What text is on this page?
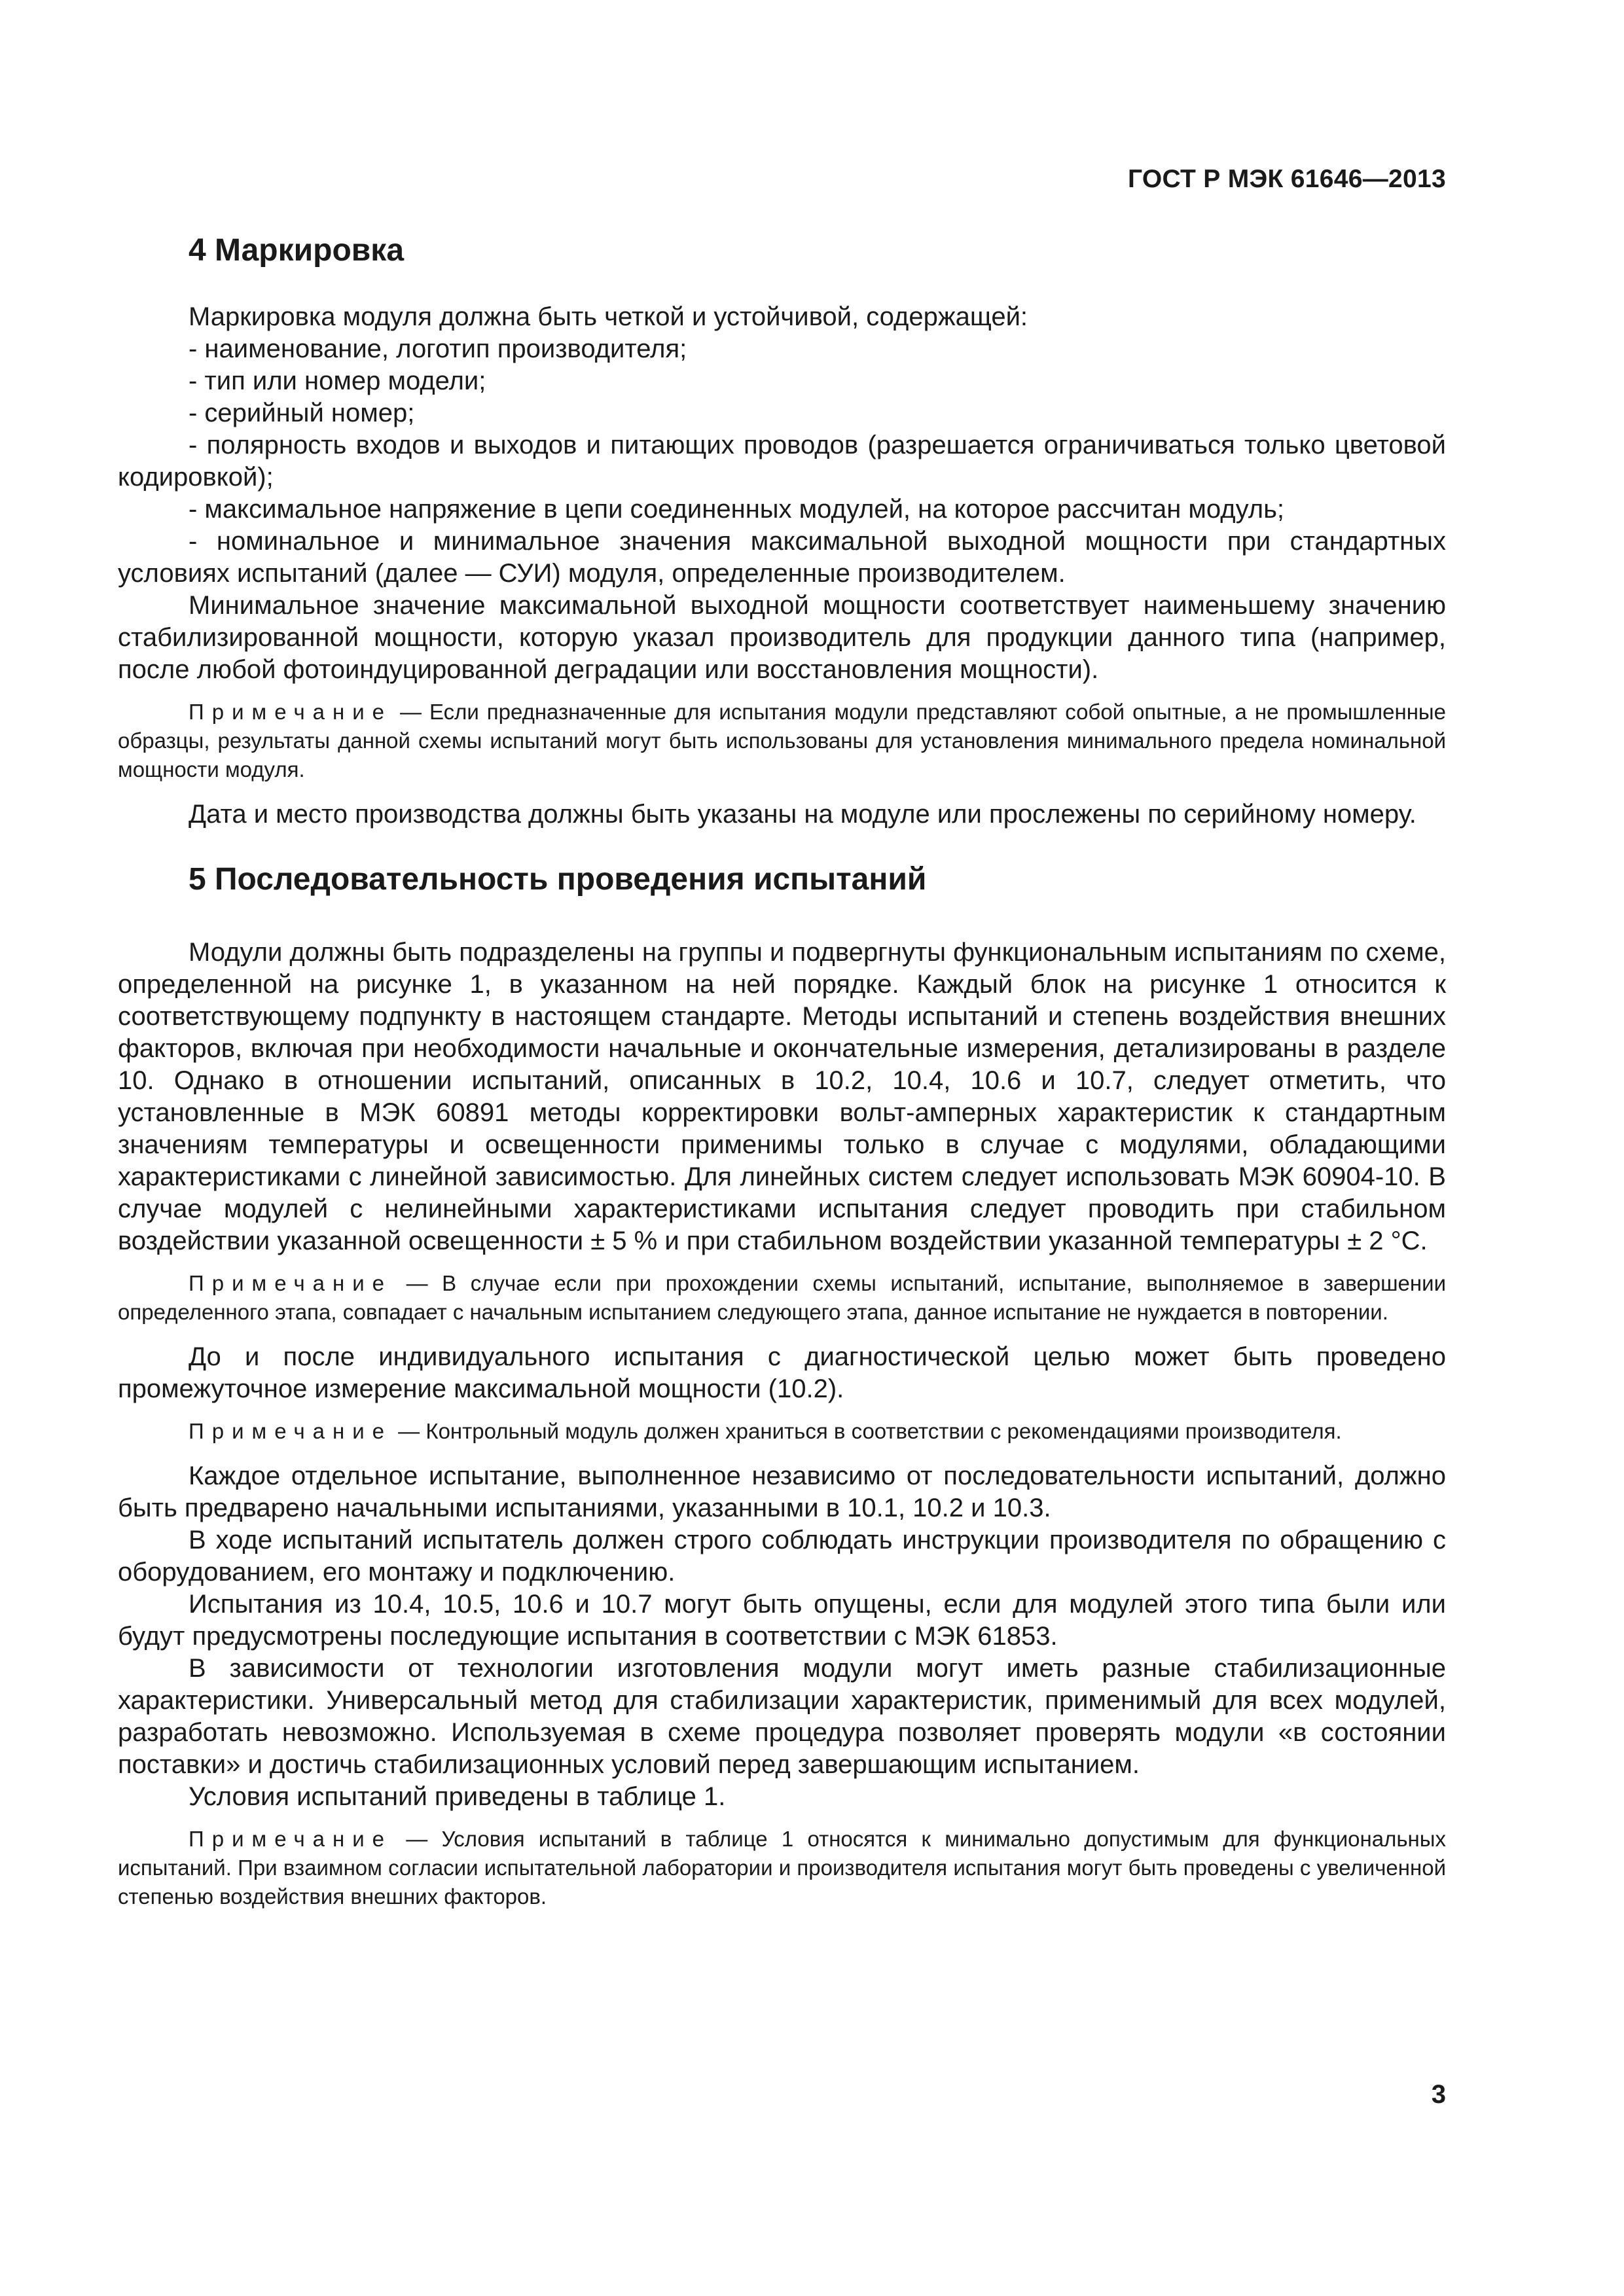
ГОСТ Р МЭК 61646—2013
4 Маркировка

Маркировка модуля должна быть четкой и устойчивой, содержащей:

- наименование, логотип производителя;

- тип или номер модели;

- серийный номер;

- полярность входов и выходов и питающих проводов (разрешается ограничиваться только цветовой кодировкой);

- максимальное напряжение в цепи соединенных модулей, на которое рассчитан модуль;

- номинальное и минимальное значения максимальной выходной мощности при стандартных условиях испытаний (далее — СУИ) модуля, определенные производителем.

Минимальное значение максимальной выходной мощности соответствует наименьшему значению стабилизированной мощности, которую указал производитель для продукции данного типа (например, после любой фотоиндуцированной деградации или восстановления мощности).

Примечание — Если предназначенные для испытания модули представляют собой опытные, а не промышленные образцы, результаты данной схемы испытаний могут быть использованы для установления минимального предела номинальной мощности модуля.

Дата и место производства должны быть указаны на модуле или прослежены по серийному номеру.

5 Последовательность проведения испытаний

Модули должны быть подразделены на группы и подвергнуты функциональным испытаниям по схеме, определенной на рисунке 1, в указанном на ней порядке. Каждый блок на рисунке 1 относится к соответствующему подпункту в настоящем стандарте. Методы испытаний и степень воздействия внешних факторов, включая при необходимости начальные и окончательные измерения, детализированы в разделе 10. Однако в отношении испытаний, описанных в 10.2, 10.4, 10.6 и 10.7, следует отметить, что установленные в МЭК 60891 методы корректировки вольт-амперных характеристик к стандартным значениям температуры и освещенности применимы только в случае с модулями, обладающими характеристиками с линейной зависимостью. Для линейных систем следует использовать МЭК 60904-10. В случае модулей с нелинейными характеристиками испытания следует проводить при стабильном воздействии указанной освещенности ± 5 % и при стабильном воздействии указанной температуры ± 2 °С.

Примечание — В случае если при прохождении схемы испытаний, испытание, выполняемое в завершении определенного этапа, совпадает с начальным испытанием следующего этапа, данное испытание не нуждается в повторении.

До и после индивидуального испытания с диагностической целью может быть проведено промежуточное измерение максимальной мощности (10.2).

Примечание — Контрольный модуль должен храниться в соответствии с рекомендациями производителя.

Каждое отдельное испытание, выполненное независимо от последовательности испытаний, должно быть предварено начальными испытаниями, указанными в 10.1, 10.2 и 10.3.

В ходе испытаний испытатель должен строго соблюдать инструкции производителя по обращению с оборудованием, его монтажу и подключению.

Испытания из 10.4, 10.5, 10.6 и 10.7 могут быть опущены, если для модулей этого типа были или будут предусмотрены последующие испытания в соответствии с МЭК 61853.

В зависимости от технологии изготовления модули могут иметь разные стабилизационные характеристики. Универсальный метод для стабилизации характеристик, применимый для всех модулей, разработать невозможно. Используемая в схеме процедура позволяет проверять модули «в состоянии поставки» и достичь стабилизационных условий перед завершающим испытанием.

Условия испытаний приведены в таблице 1.

Примечание — Условия испытаний в таблице 1 относятся к минимально допустимым для функциональных испытаний. При взаимном согласии испытательной лаборатории и производителя испытания могут быть проведены с увеличенной степенью воздействия внешних факторов.

3
